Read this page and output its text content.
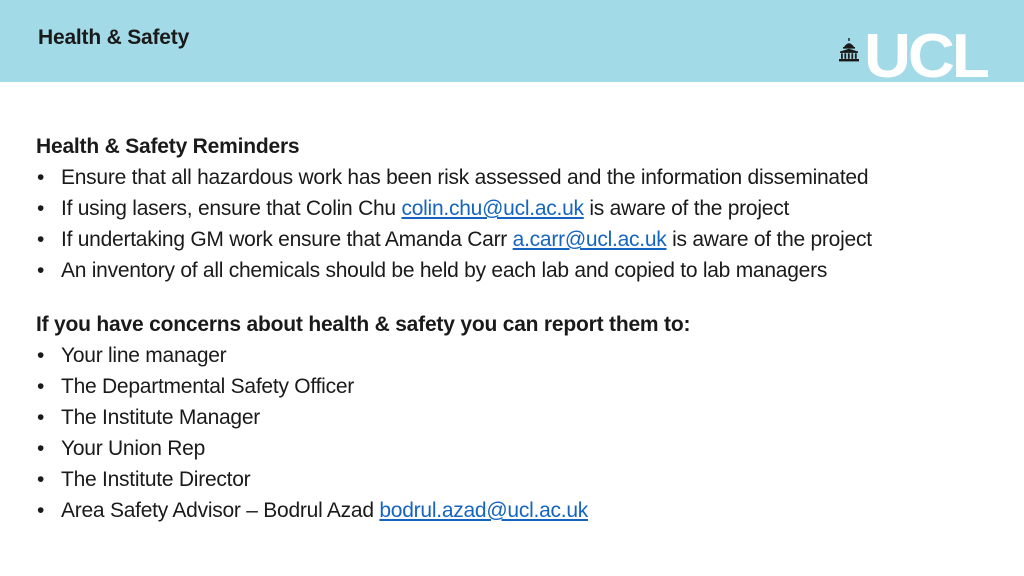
Health & Safety	UCL
Health & Safety Reminders
• Ensure that all hazardous work has been risk assessed and the information disseminated
• If using lasers, ensure that Colin Chu colin.chu@ucl.ac.uk is aware of the project
• If undertaking GM work ensure that Amanda Carr a.carr@ucl.ac.uk is aware of the project
• An inventory of all chemicals should be held by each lab and copied to lab managers
If you have concerns about health & safety you can report them to:
• Your line manager
• The Departmental Safety Officer
• The Institute Manager
• Your Union Rep
• The Institute Director
• Area Safety Advisor – Bodrul Azad bodrul.azad@ucl.ac.uk
